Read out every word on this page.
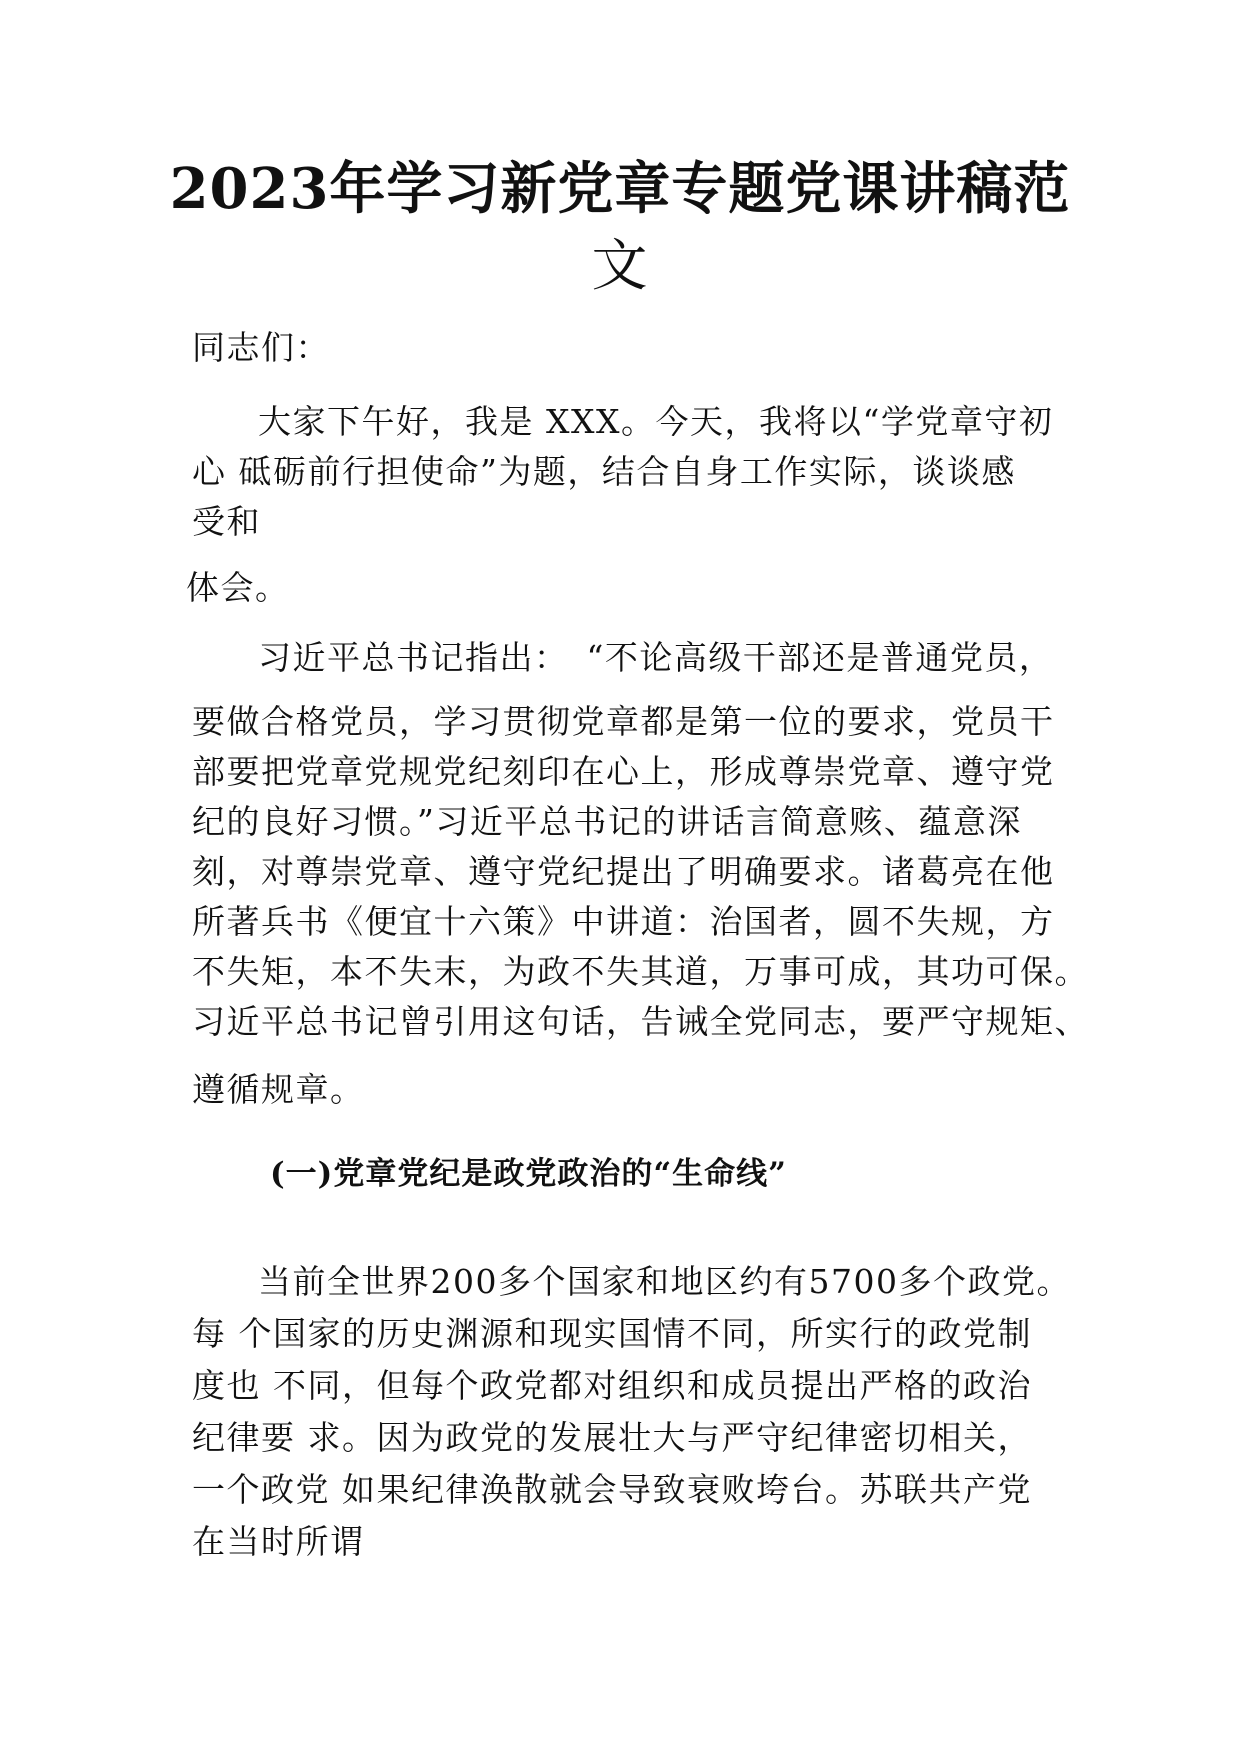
2023年学习新党章专题党课讲稿范
文
同志们：
大家下午好，我是 XXX。今天，我将以“学党章守初
心 砥砺前行担使命”为题，结合自身工作实际，谈谈感
受和
体会。
习近平总书记指出：　“不论高级干部还是普通党员，
要做合格党员，学习贯彻党章都是第一位的要求，党员干
部要把党章党规党纪刻印在心上，形成尊崇党章、遵守党
纪的良好习惯。”习近平总书记的讲话言简意赅、蕴意深
刻，对尊崇党章、遵守党纪提出了明确要求。诸葛亮在他
所著兵书《便宜十六策》中讲道：治国者，圆不失规，方
不失矩，本不失末，为政不失其道，万事可成，其功可保。
习近平总书记曾引用这句话，告诫全党同志，要严守规矩、
遵循规章。
(一)党章党纪是政党政治的“生命线”
当前全世界200多个国家和地区约有5700多个政党。
每 个国家的历史渊源和现实国情不同，所实行的政党制
度也 不同，但每个政党都对组织和成员提出严格的政治
纪律要 求。因为政党的发展壮大与严守纪律密切相关，
一个政党 如果纪律涣散就会导致衰败垮台。苏联共产党
在当时所谓
